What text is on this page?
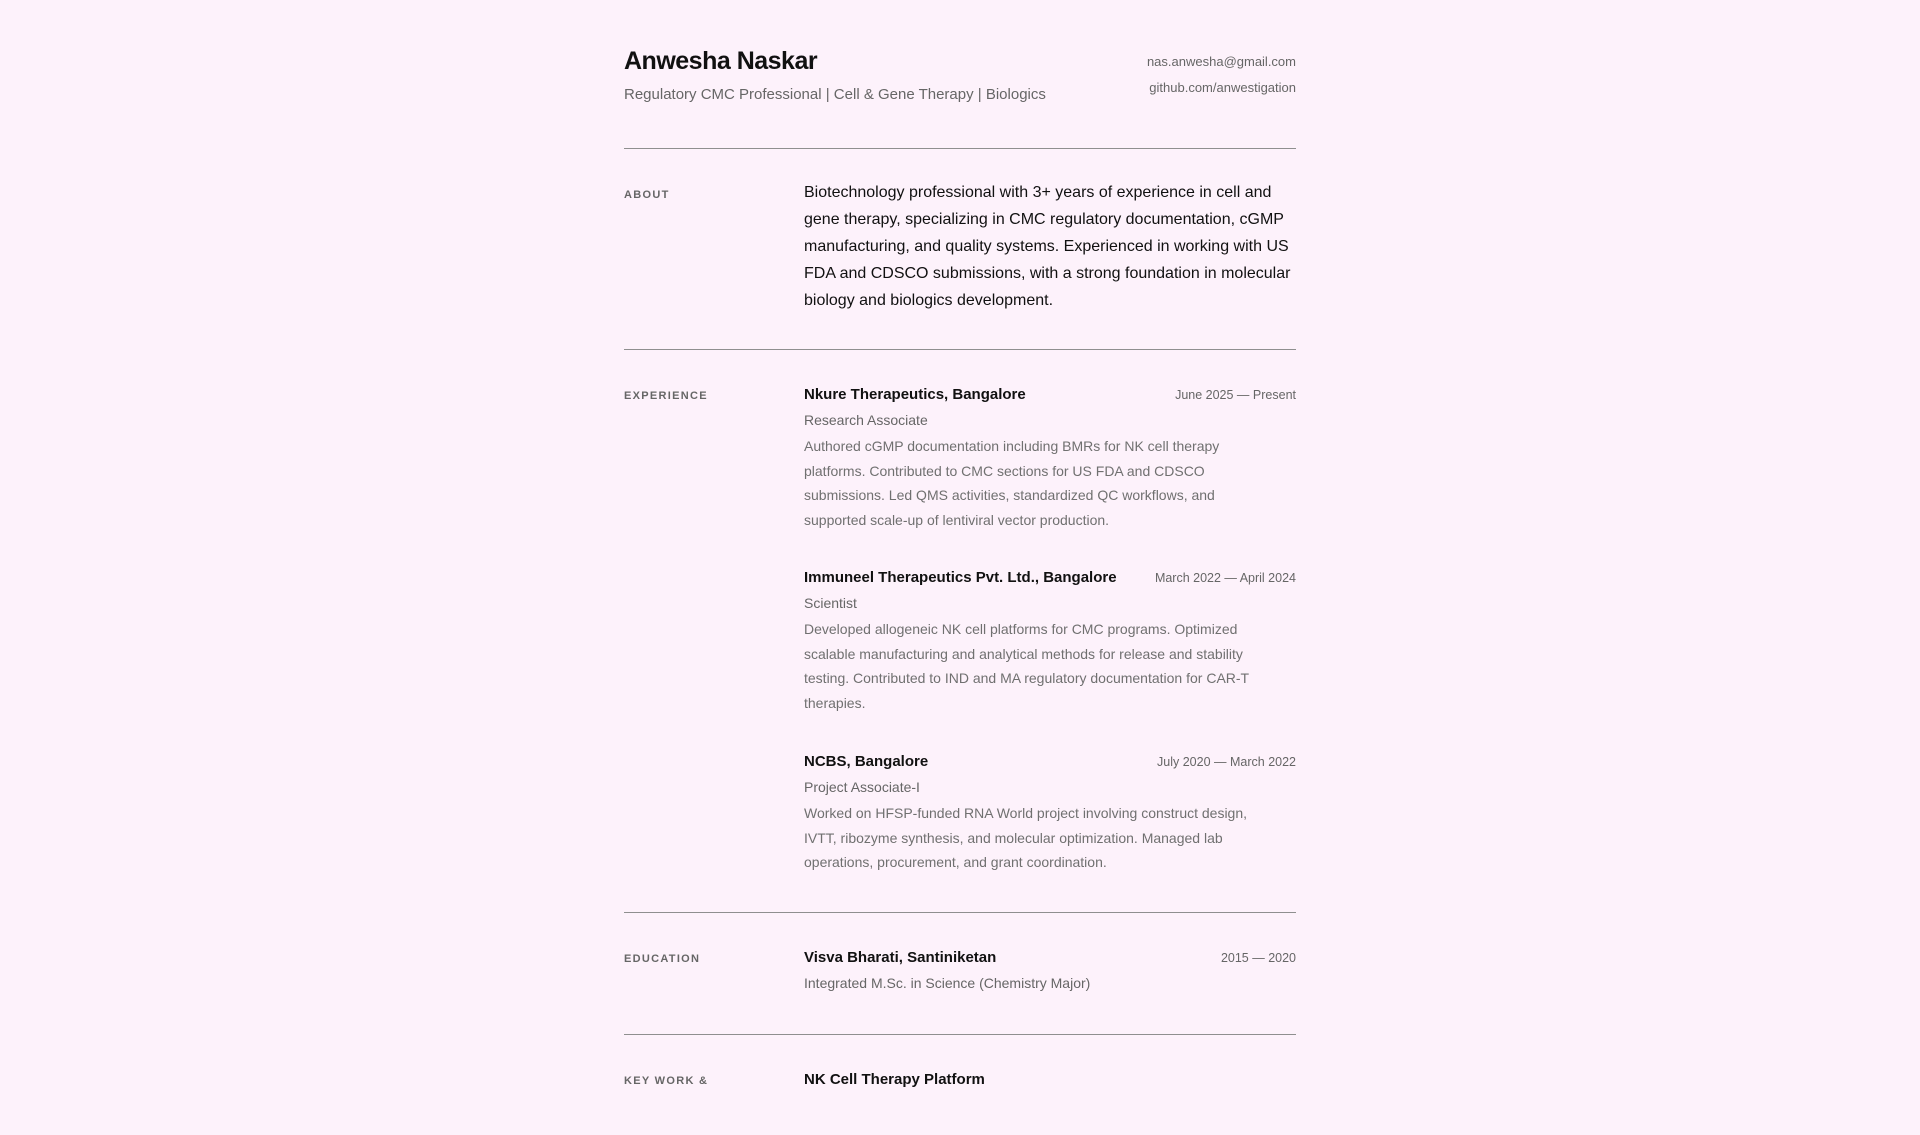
Anwesha Naskar
Regulatory CMC Professional | Cell & Gene Therapy | Biologics
nas.anwesha@gmail.com
github.com/anwestigation
ABOUT	Biotechnology professional with 3+ years of experience in cell and gene therapy, specializing in CMC regulatory documentation, cGMP manufacturing, and quality systems. Experienced in working with US FDA and CDSCO submissions, with a strong foundation in molecular biology and biologics development.
EXPERIENCE	Nkure Therapeutics, Bangalore	June 2025 — Present
Research Associate
Authored cGMP documentation including BMRs for NK cell therapy platforms. Contributed to CMC sections for US FDA and CDSCO submissions. Led QMS activities, standardized QC workflows, and supported scale-up of lentiviral vector production.
Immuneel Therapeutics Pvt. Ltd., Bangalore	March 2022 — April 2024
Scientist
Developed allogeneic NK cell platforms for CMC programs. Optimized scalable manufacturing and analytical methods for release and stability testing. Contributed to IND and MA regulatory documentation for CAR-T therapies.
NCBS, Bangalore	July 2020 — March 2022
Project Associate-I
Worked on HFSP-funded RNA World project involving construct design, IVTT, ribozyme synthesis, and molecular optimization. Managed lab operations, procurement, and grant coordination.
EDUCATION	Visva Bharati, Santiniketan	2015 — 2020
Integrated M.Sc. in Science (Chemistry Major)
KEY WORK &	NK Cell Therapy Platform
